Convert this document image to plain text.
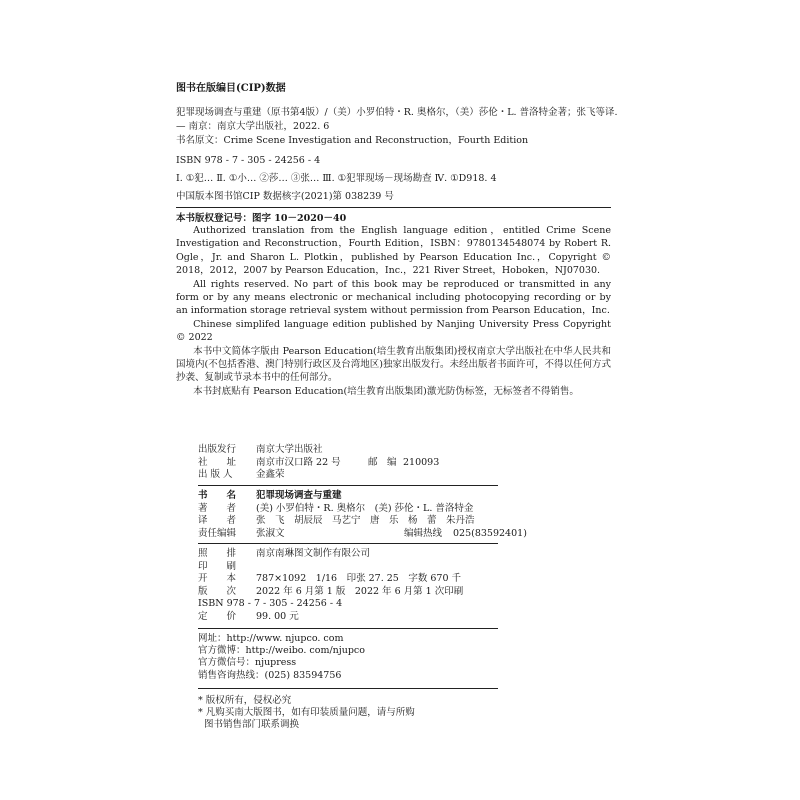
图书在版编目(CIP)数据
犯罪现场调查与重建（原书第4版）/（美）小罗伯特・R. 奥格尔，（美）莎伦・L. 普洛特金著；张飞等译.
— 南京：南京大学出版社，2022. 6
书名原文：Crime Scene Investigation and Reconstruction，Fourth Edition
ISBN 978 - 7 - 305 - 24256 - 4
Ⅰ. ①犯… Ⅱ. ①小… ②莎… ③张… Ⅲ. ①犯罪现场－现场勘查 Ⅳ. ①D918. 4
中国版本图书馆CIP 数据核字(2021)第 038239 号
本书版权登记号：图字 10－2020－40

Authorized translation from the English language edition，entitled Crime Scene Investigation and Reconstruction，Fourth Edition，ISBN：9780134548074 by Robert R. Ogle，Jr. and Sharon L. Plotkin，published by Pearson Education Inc.，Copyright © 2018，2012，2007 by Pearson Education，Inc.，221 River Street，Hoboken，NJ07030.

All rights reserved. No part of this book may be reproduced or transmitted in any form or by any means electronic or mechanical including photocopying recording or by an information storage retrieval system without permission from Pearson Education，Inc.

Chinese simplifed language edition published by Nanjing University Press Copyright © 2022

本书中文简体字版由 Pearson Education(培生教育出版集团)授权南京大学出版社在中华人民共和国境内(不包括香港、澳门特别行政区及台湾地区)独家出版发行。未经出版者书面许可，不得以任何方式抄袭、复制或节录本书中的任何部分。

本书封底贴有 Pearson Education(培生教育出版集团)激光防伪标签，无标签者不得销售。

出版发行 南京大学出版社
社　　址 南京市汉口路 22 号	邮　编 210093
出 版 人 金鑫荣
书　　名 犯罪现场调查与重建
著　　者 (美) 小罗伯特・R. 奥格尔　(美) 莎伦・L. 普洛特金
译　　者 张　飞　胡辰辰　马艺宁　唐　乐　杨　蕾　朱丹浩
责任编辑 张淑文	编辑热线 025(83592401)
照　　排 南京南琳图文制作有限公司
印　　刷
开　　本 787×1092　1/16　印张 27. 25　字数 670 千
版　　次 2022 年 6 月第 1 版　2022 年 6 月第 1 次印刷
ISBN 978 - 7 - 305 - 24256 - 4
定　　价 99. 00 元
网址：http://www. njupco. com
官方微博：http://weibo. com/njupco
官方微信号：njupress
销售咨询热线：(025) 83594756
* 版权所有，侵权必究
* 凡购买南大版图书，如有印装质量问题，请与所购
图书销售部门联系调换
